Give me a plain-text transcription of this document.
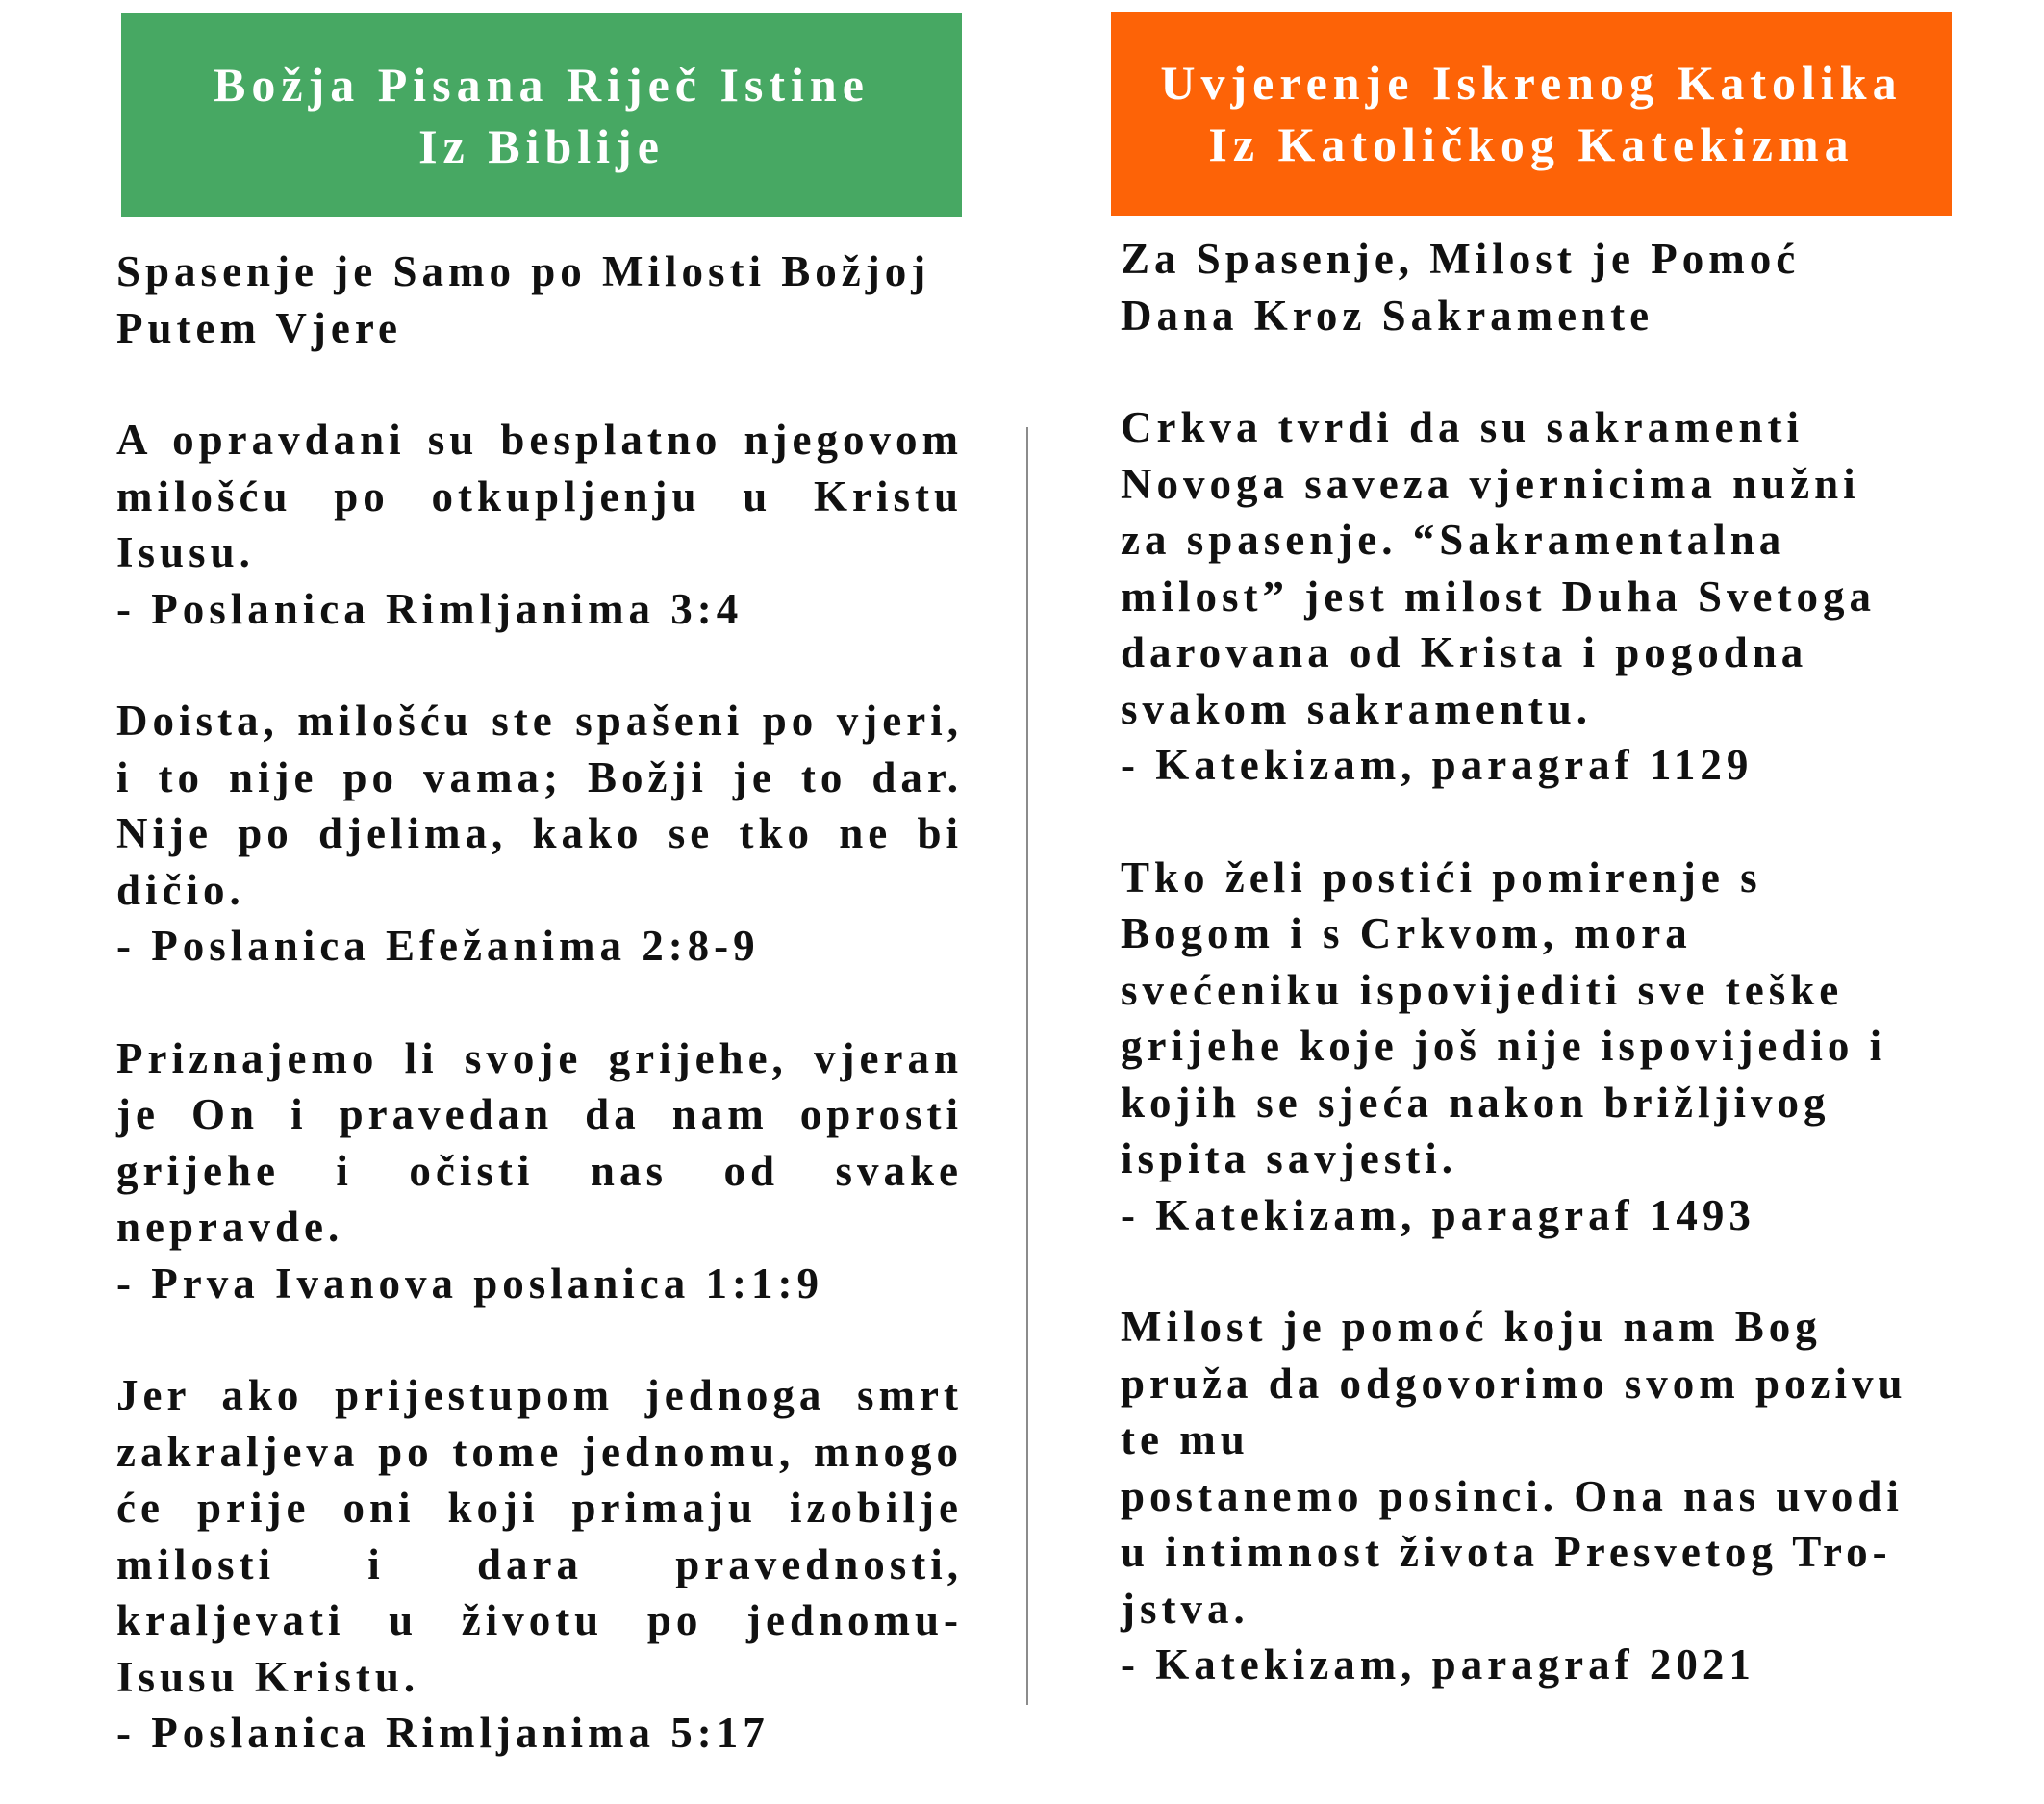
Božja Pisana Riječ Istine
Iz Biblije
Uvjerenje Iskrenog Katolika
Iz Katoličkog Katekizma
Spasenje je Samo po Milosti Božjoj
Putem Vjere
A opravdani su besplatno njegovom milošću po otkupljenju u Kristu Isusu.
- Poslanica Rimljanima 3:4
Doista, milošću ste spašeni po vjeri, i to nije po vama; Božji je to dar. Nije po djelima, kako se tko ne bi dičio.
- Poslanica Efežanima 2:8-9
Priznajemo li svoje grijehe, vjeran je On i pravedan da nam oprosti grijehe i očisti nas od svake nepravde.
- Prva Ivanova poslanica 1:1:9
Jer ako prijestupom jednoga smrt zakraljeva po tome jednomu, mnogo će prije oni koji primaju izobilje milosti i dara pravednosti, kraljevati u životu po jednomu- Isusu Kristu.
- Poslanica Rimljanima 5:17
Za Spasenje, Milost je Pomoć
Dana Kroz Sakramente
Crkva tvrdi da su sakramenti
Novoga saveza vjernicima nužni
za spasenje. “Sakramentalna
milost” jest milost Duha Svetoga
darovana od Krista i pogodna
svakom sakramentu.
- Katekizam, paragraf 1129
Tko želi postići pomirenje s
Bogom i s Crkvom, mora
svećeniku ispovijediti sve teške
grijehe koje još nije ispovijedio i
kojih se sjeća nakon brižljivog
ispita savjesti.
- Katekizam, paragraf 1493
Milost je pomoć koju nam Bog
pruža da odgovorimo svom pozivu
te mu
postanemo posinci. Ona nas uvodi
u intimnost života Presvetog Tro-
jstva.
- Katekizam, paragraf 2021
